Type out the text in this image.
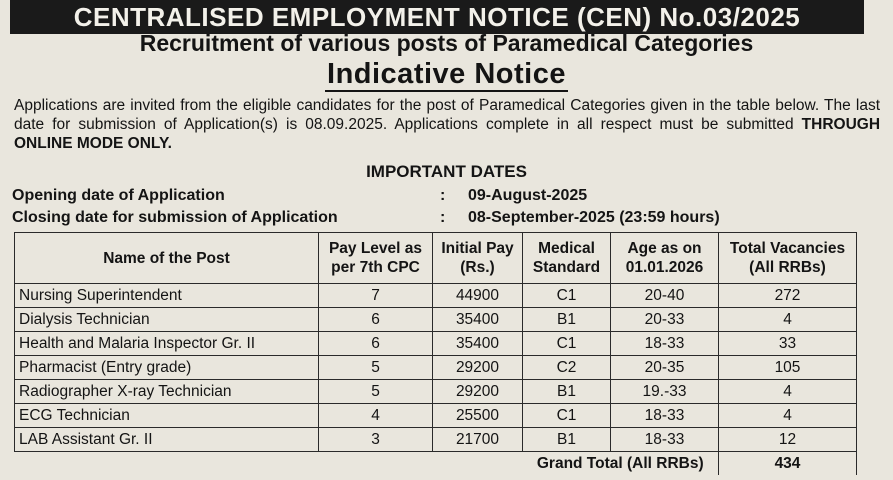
CENTRALISED EMPLOYMENT NOTICE (CEN) No.03/2025
Recruitment of various posts of Paramedical Categories
Indicative Notice
Applications are invited from the eligible candidates for the post of Paramedical Categories given in the table below. The last date for submission of Application(s) is 08.09.2025. Applications complete in all respect must be submitted THROUGH ONLINE MODE ONLY.
IMPORTANT DATES
Opening date of Application	: 09-August-2025
Closing date for submission of Application	: 08-September-2025 (23:59 hours)
Name of the Post	Pay Level as per 7th CPC	Initial Pay (Rs.)	Medical Standard	Age as on 01.01.2026	Total Vacancies (All RRBs)
Nursing Superintendent	7	44900	C1	20-40	272
Dialysis Technician	6	35400	B1	20-33	4
Health and Malaria Inspector Gr. II	6	35400	C1	18-33	33
Pharmacist (Entry grade)	5	29200	C2	20-35	105
Radiographer X-ray Technician	5	29200	B1	19.-33	4
ECG Technician	4	25500	C1	18-33	4
LAB Assistant Gr. II	3	21700	B1	18-33	12
			Grand Total (All RRBs)		434
